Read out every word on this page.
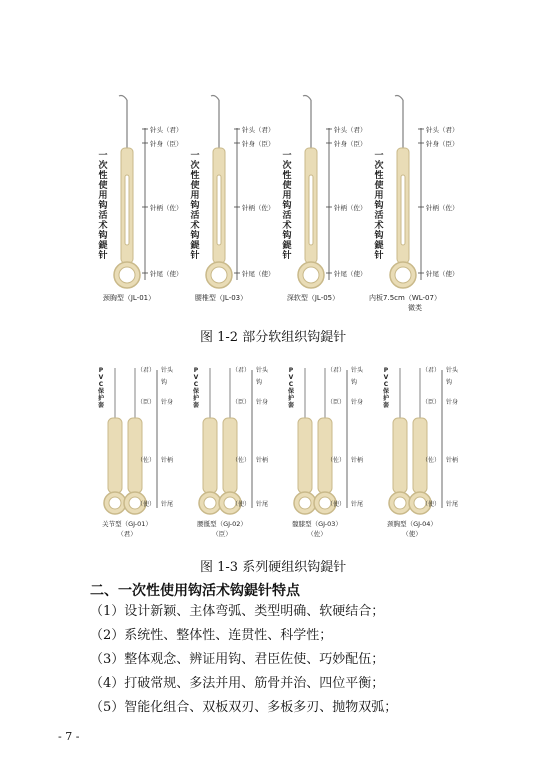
一
次
性
使
用
钩
活
术
钩
鍉
针
针头（君）
针身（臣）
针柄（佐）
针尾（使）
颈胸型（JL-01）
一
次
性
使
用
钩
活
术
钩
鍉
针
针头（君）
针身（臣）
针柄（佐）
针尾（使）
腰椎型（JL-03）
一
次
性
使
用
钩
活
术
钩
鍉
针
针头（君）
针身（臣）
针柄（佐）
针尾（使）
深软型（JL-05）
一
次
性
使
用
钩
活
术
钩
鍉
针
针头（君）
针身（臣）
针柄（佐）
针尾（使）
内板7.5cm（WL-07）
微类
图 1-2 部分软组织钩鍉针
P
V
C
保
护
套
（君） 针头
（臣） 针身
（佐） 针柄
（使） 针尾
钩
关节型（GJ-01）
（君）
P
V
C
保
护
套
（君） 针头
（臣） 针身
（佐） 针柄
（使） 针尾
钩
腰骶型（GJ-02）
（臣）
P
V
C
保
护
套
（君） 针头
（臣） 针身
（佐） 针柄
（使） 针尾
钩
髋膝型（GJ-03）
（佐）
P
V
C
保
护
套
（君） 针头
（臣） 针身
（佐） 针柄
（使） 针尾
钩
颈胸型（GJ-04）
（使）
图 1-3 系列硬组织钩鍉针
二、一次性使用钩活术钩鍉针特点
（1）设计新颖、主体弯弧、类型明确、软硬结合；
（2）系统性、整体性、连贯性、科学性；
（3）整体观念、辨证用钩、君臣佐使、巧妙配伍；
（4）打破常规、多法并用、筋骨并治、四位平衡；
（5）智能化组合、双板双刃、多板多刃、抛物双弧；
- 7 -
